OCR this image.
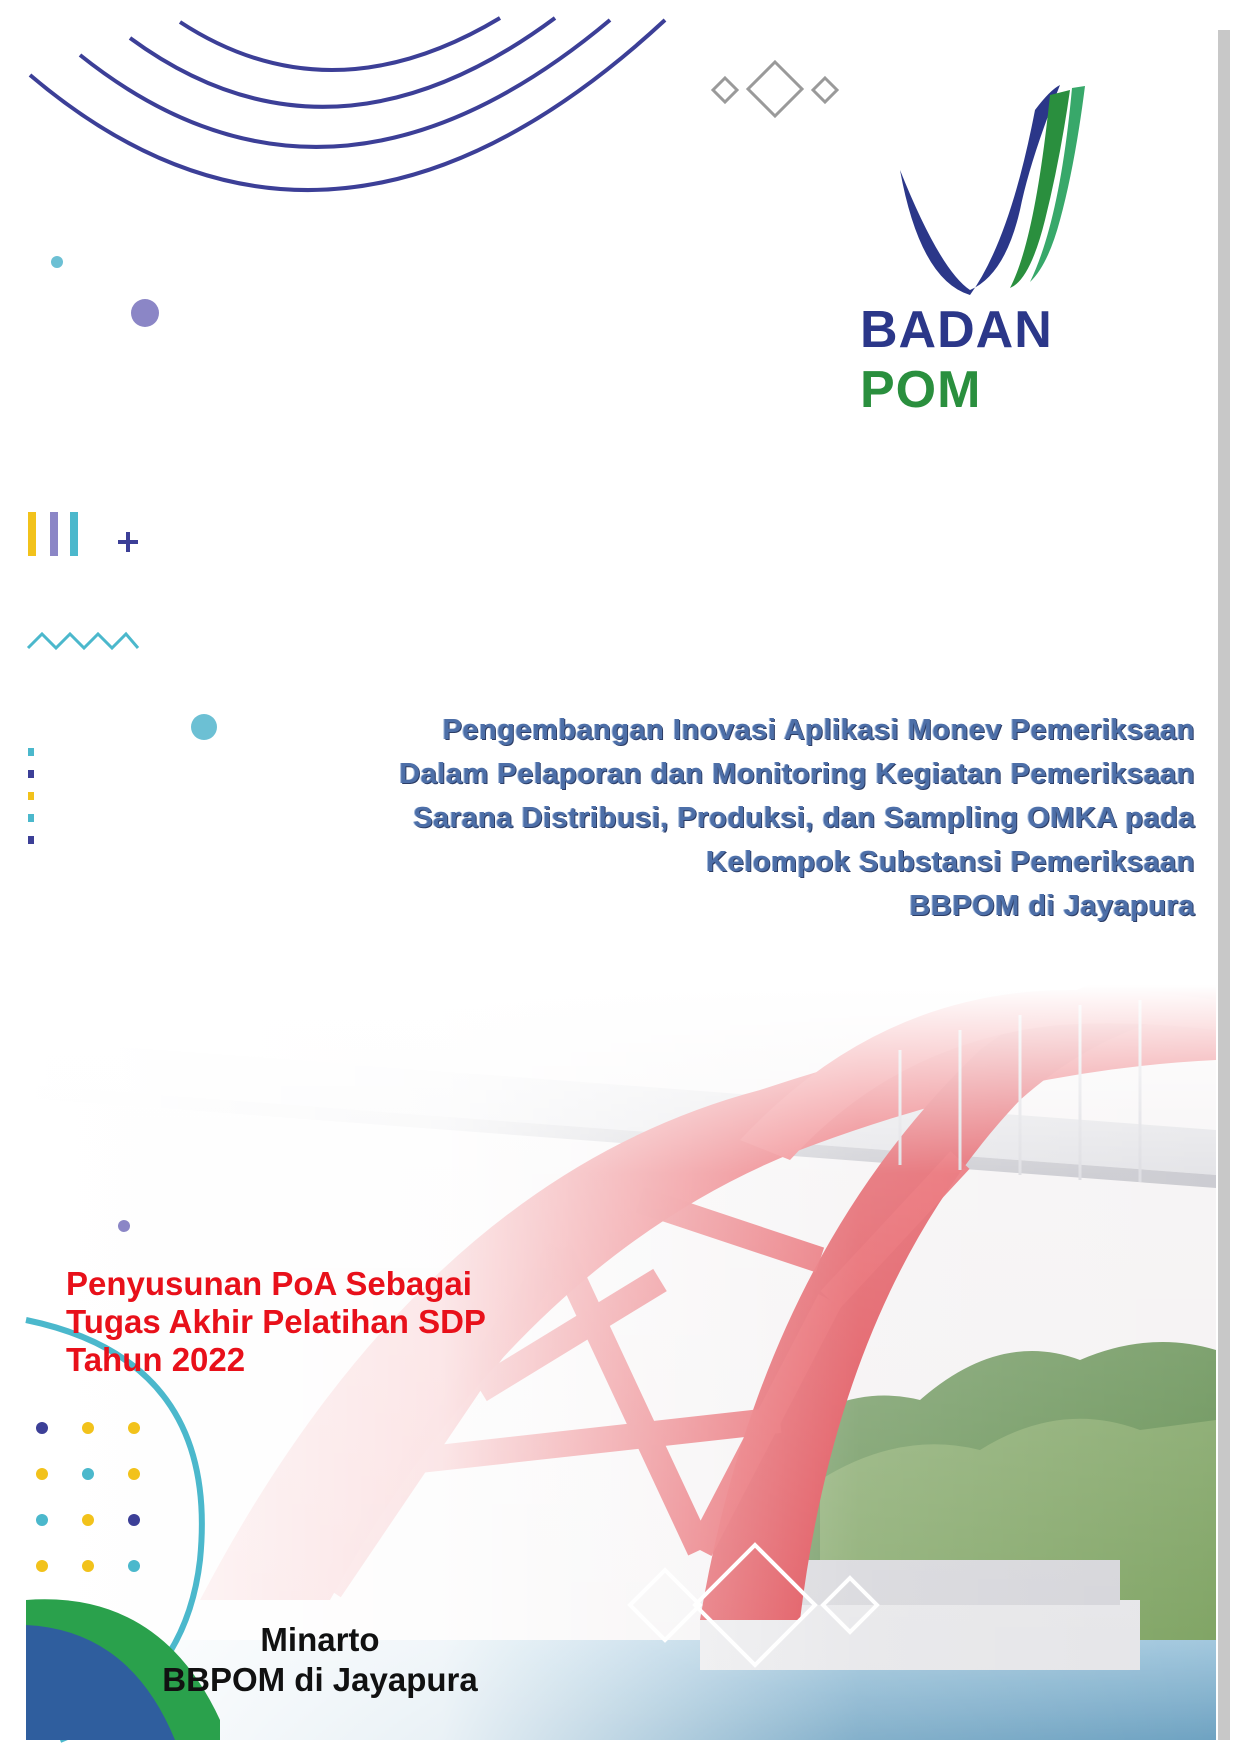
BADAN POM
Pengembangan Inovasi Aplikasi Monev Pemeriksaan
Dalam Pelaporan dan Monitoring Kegiatan Pemeriksaan
Sarana Distribusi, Produksi, dan Sampling OMKA pada
Kelompok Substansi Pemeriksaan
BBPOM di Jayapura
Penyusunan PoA Sebagai
Tugas Akhir Pelatihan SDP
Tahun 2022
Minarto
BBPOM di Jayapura
